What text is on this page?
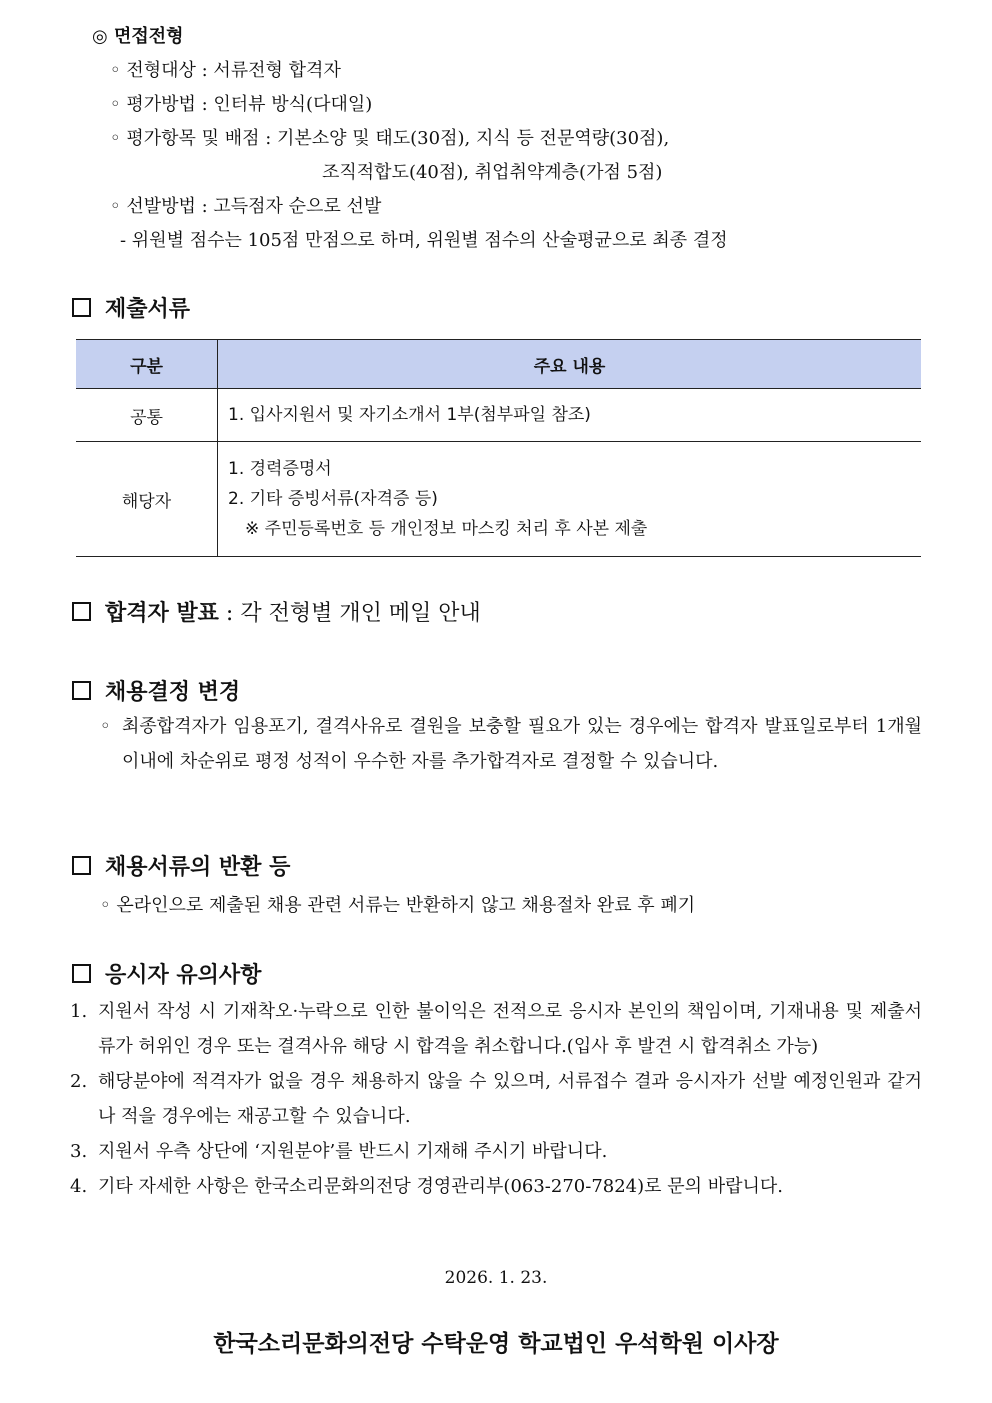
◎ 면접전형
◦ 전형대상 : 서류전형 합격자
◦ 평가방법 : 인터뷰 방식(다대일)
◦ 평가항목 및 배점 : 기본소양 및 태도(30점), 지식 등 전문역량(30점),
조직적합도(40점), 취업취약계층(가점 5점)
◦ 선발방법 : 고득점자 순으로 선발
- 위원별 점수는 105점 만점으로 하며, 위원별 점수의 산술평균으로 최종 결정
제출서류
구분	주요 내용
공통	1. 입사지원서 및 자기소개서 1부(첨부파일 참조)

해당자	1. 경력증명서
2. 기타 증빙서류(자격증 등)
※ 주민등록번호 등 개인정보 마스킹 처리 후 사본 제출
합격자 발표 : 각 전형별 개인 메일 안내
채용결정 변경
◦ 최종합격자가 임용포기, 결격사유로 결원을 보충할 필요가 있는 경우에는 합격자 발표일로부터 1개월 이내에 차순위로 평정 성적이 우수한 자를 추가합격자로 결정할 수 있습니다.
채용서류의 반환 등
◦ 온라인으로 제출된 채용 관련 서류는 반환하지 않고 채용절차 완료 후 폐기
응시자 유의사항
1. 지원서 작성 시 기재착오·누락으로 인한 불이익은 전적으로 응시자 본인의 책임이며, 기재내용 및 제출서류가 허위인 경우 또는 결격사유 해당 시 합격을 취소합니다.(입사 후 발견 시 합격취소 가능)
2. 해당분야에 적격자가 없을 경우 채용하지 않을 수 있으며, 서류접수 결과 응시자가 선발 예정인원과 같거나 적을 경우에는 재공고할 수 있습니다.
3. 지원서 우측 상단에 ‘지원분야’를 반드시 기재해 주시기 바랍니다.
4. 기타 자세한 사항은 한국소리문화의전당 경영관리부(063-270-7824)로 문의 바랍니다.
2026. 1. 23.
한국소리문화의전당 수탁운영 학교법인 우석학원 이사장
